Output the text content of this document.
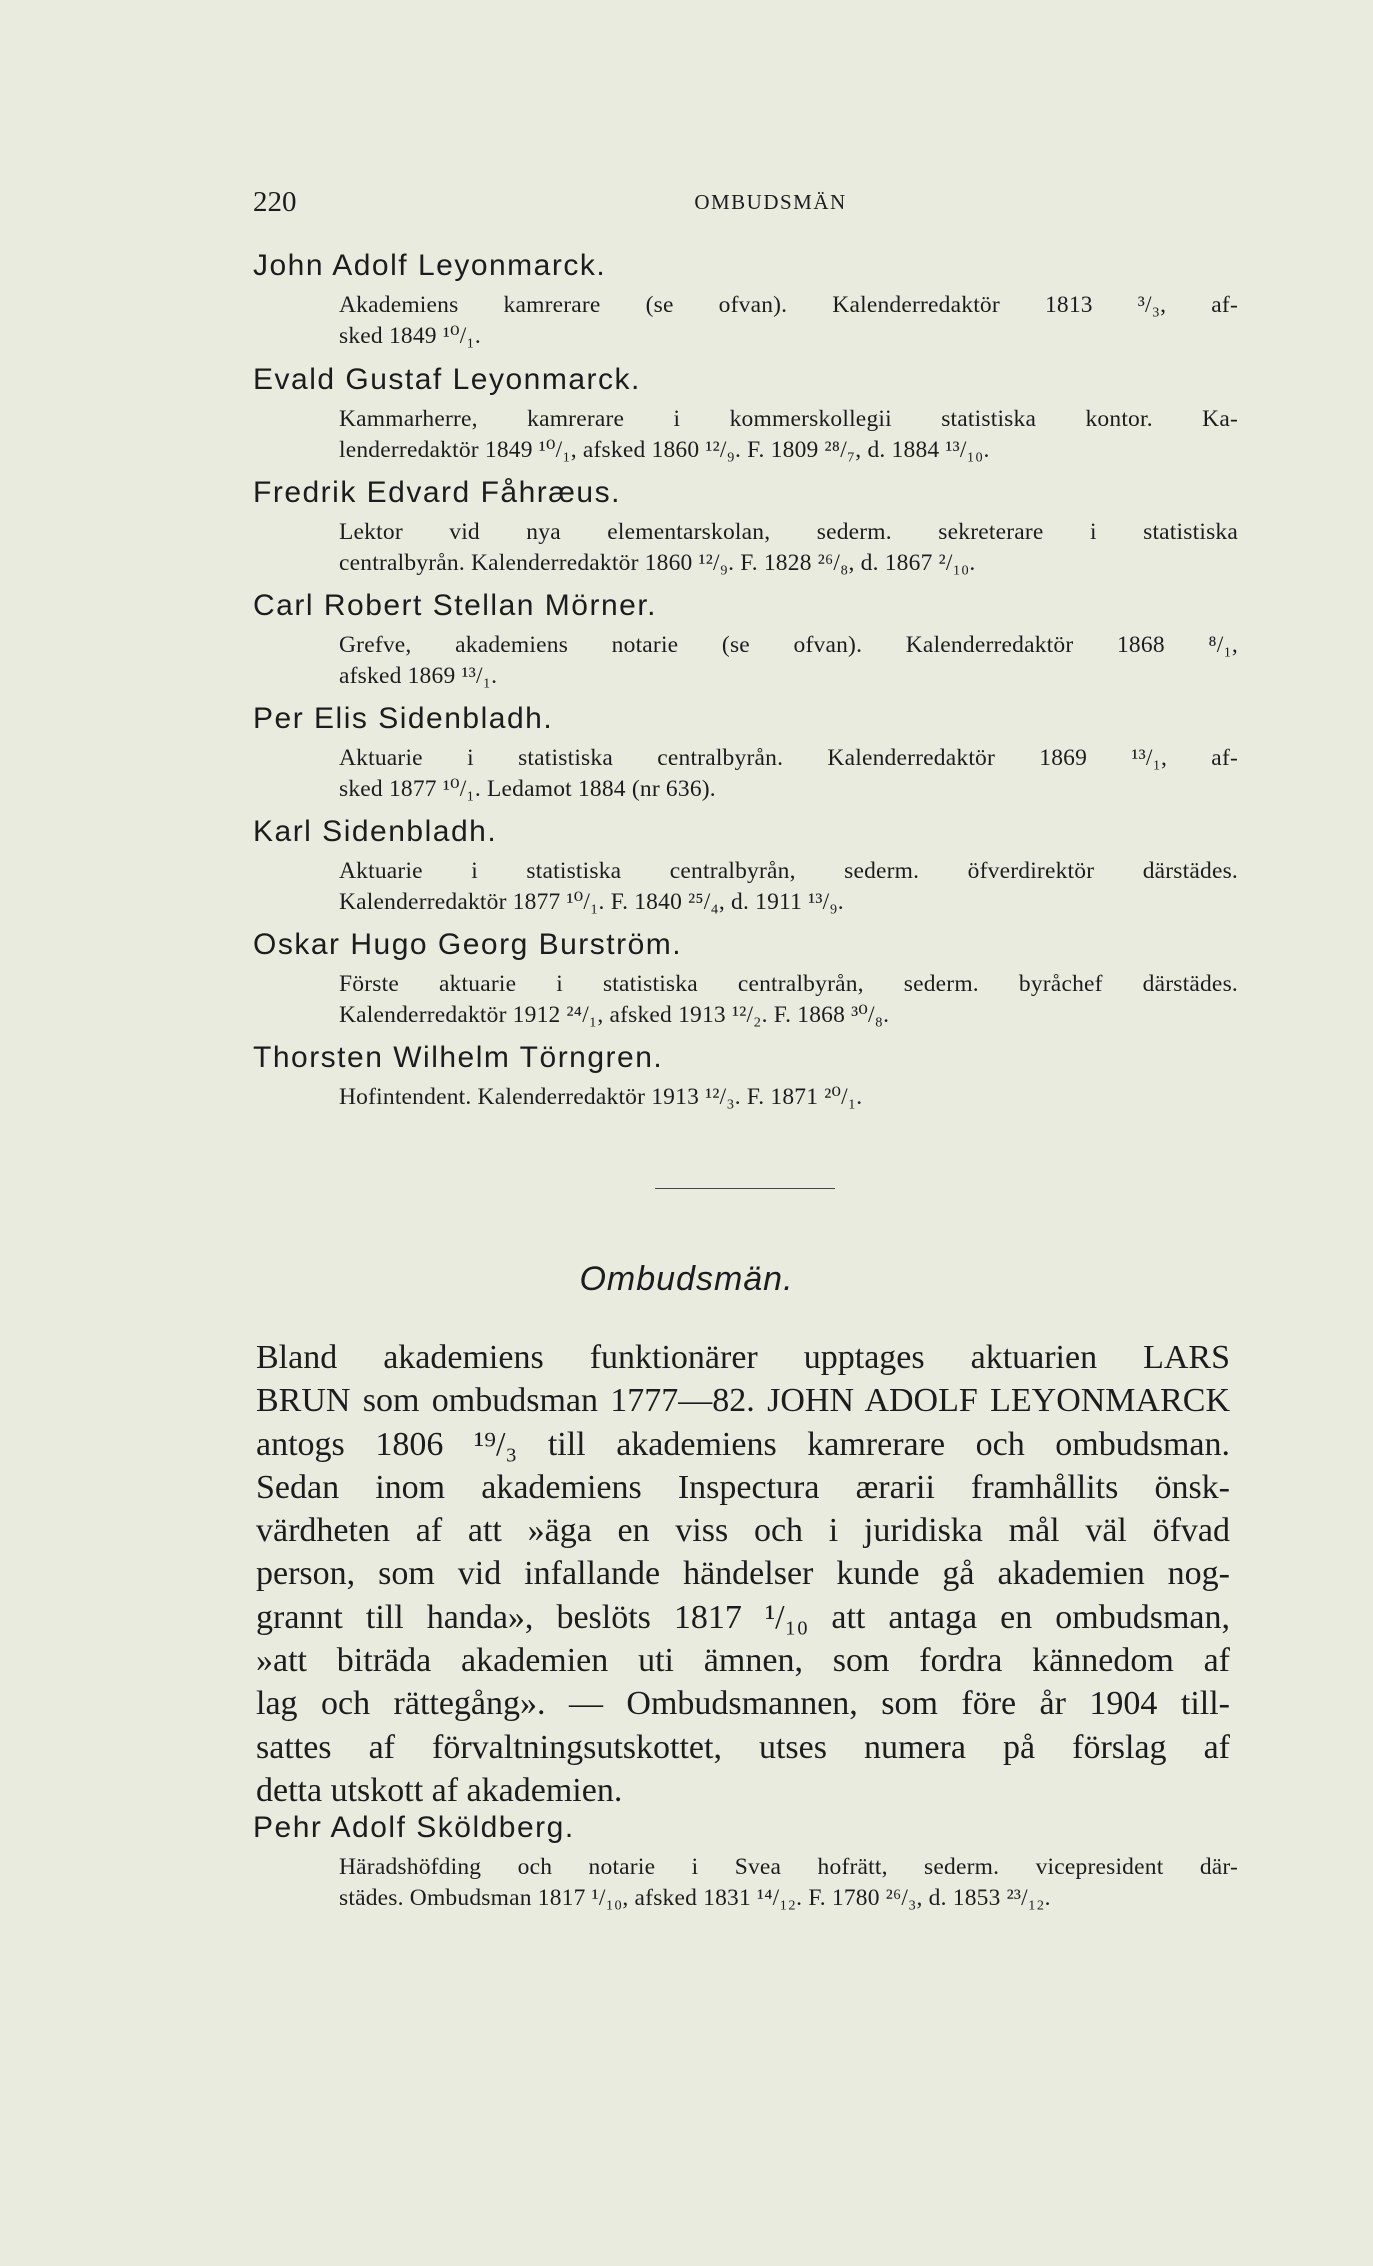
220	OMBUDSMÄN
John Adolf Leyonmarck.
Akademiens kamrerare (se ofvan). Kalenderredaktör 1813 ³/₃, af-
sked 1849 ¹⁰/₁.
Evald Gustaf Leyonmarck.
Kammarherre, kamrerare i kommerskollegii statistiska kontor. Ka-
lenderredaktör 1849 ¹⁰/₁, afsked 1860 ¹²/₉. F. 1809 ²⁸/₇, d. 1884 ¹³/₁₀.
Fredrik Edvard Fåhræus.
Lektor vid nya elementarskolan, sederm. sekreterare i statistiska
centralbyrån. Kalenderredaktör 1860 ¹²/₉. F. 1828 ²⁶/₈, d. 1867 ²/₁₀.
Carl Robert Stellan Mörner.
Grefve, akademiens notarie (se ofvan). Kalenderredaktör 1868 ⁸/₁,
afsked 1869 ¹³/₁.
Per Elis Sidenbladh.
Aktuarie i statistiska centralbyrån. Kalenderredaktör 1869 ¹³/₁, af-
sked 1877 ¹⁰/₁. Ledamot 1884 (nr 636).
Karl Sidenbladh.
Aktuarie i statistiska centralbyrån, sederm. öfverdirektör därstädes.
Kalenderredaktör 1877 ¹⁰/₁. F. 1840 ²⁵/₄, d. 1911 ¹³/₉.
Oskar Hugo Georg Burström.
Förste aktuarie i statistiska centralbyrån, sederm. byråchef därstädes.
Kalenderredaktör 1912 ²⁴/₁, afsked 1913 ¹²/₂. F. 1868 ³⁰/₈.
Thorsten Wilhelm Törngren.
Hofintendent. Kalenderredaktör 1913 ¹²/₃. F. 1871 ²⁰/₁.
Ombudsmän.
Bland akademiens funktionärer upptages aktuarien LARS
BRUN som ombudsman 1777—82. JOHN ADOLF LEYONMARCK
antogs 1806 ¹⁹/₃ till akademiens kamrerare och ombudsman.
Sedan inom akademiens Inspectura ærarii framhållits önsk-
värdheten af att »äga en viss och i juridiska mål väl öfvad
person, som vid infallande händelser kunde gå akademien nog-
grannt till handa», beslöts 1817 ¹/₁₀ att antaga en ombudsman,
»att biträda akademien uti ämnen, som fordra kännedom af
lag och rättegång». — Ombudsmannen, som före år 1904 till-
sattes af förvaltningsutskottet, utses numera på förslag af
detta utskott af akademien.
Pehr Adolf Sköldberg.
Häradshöfding och notarie i Svea hofrätt, sederm. vicepresident där-
städes. Ombudsman 1817 ¹/₁₀, afsked 1831 ¹⁴/₁₂. F. 1780 ²⁶/₃, d. 1853 ²³/₁₂.
